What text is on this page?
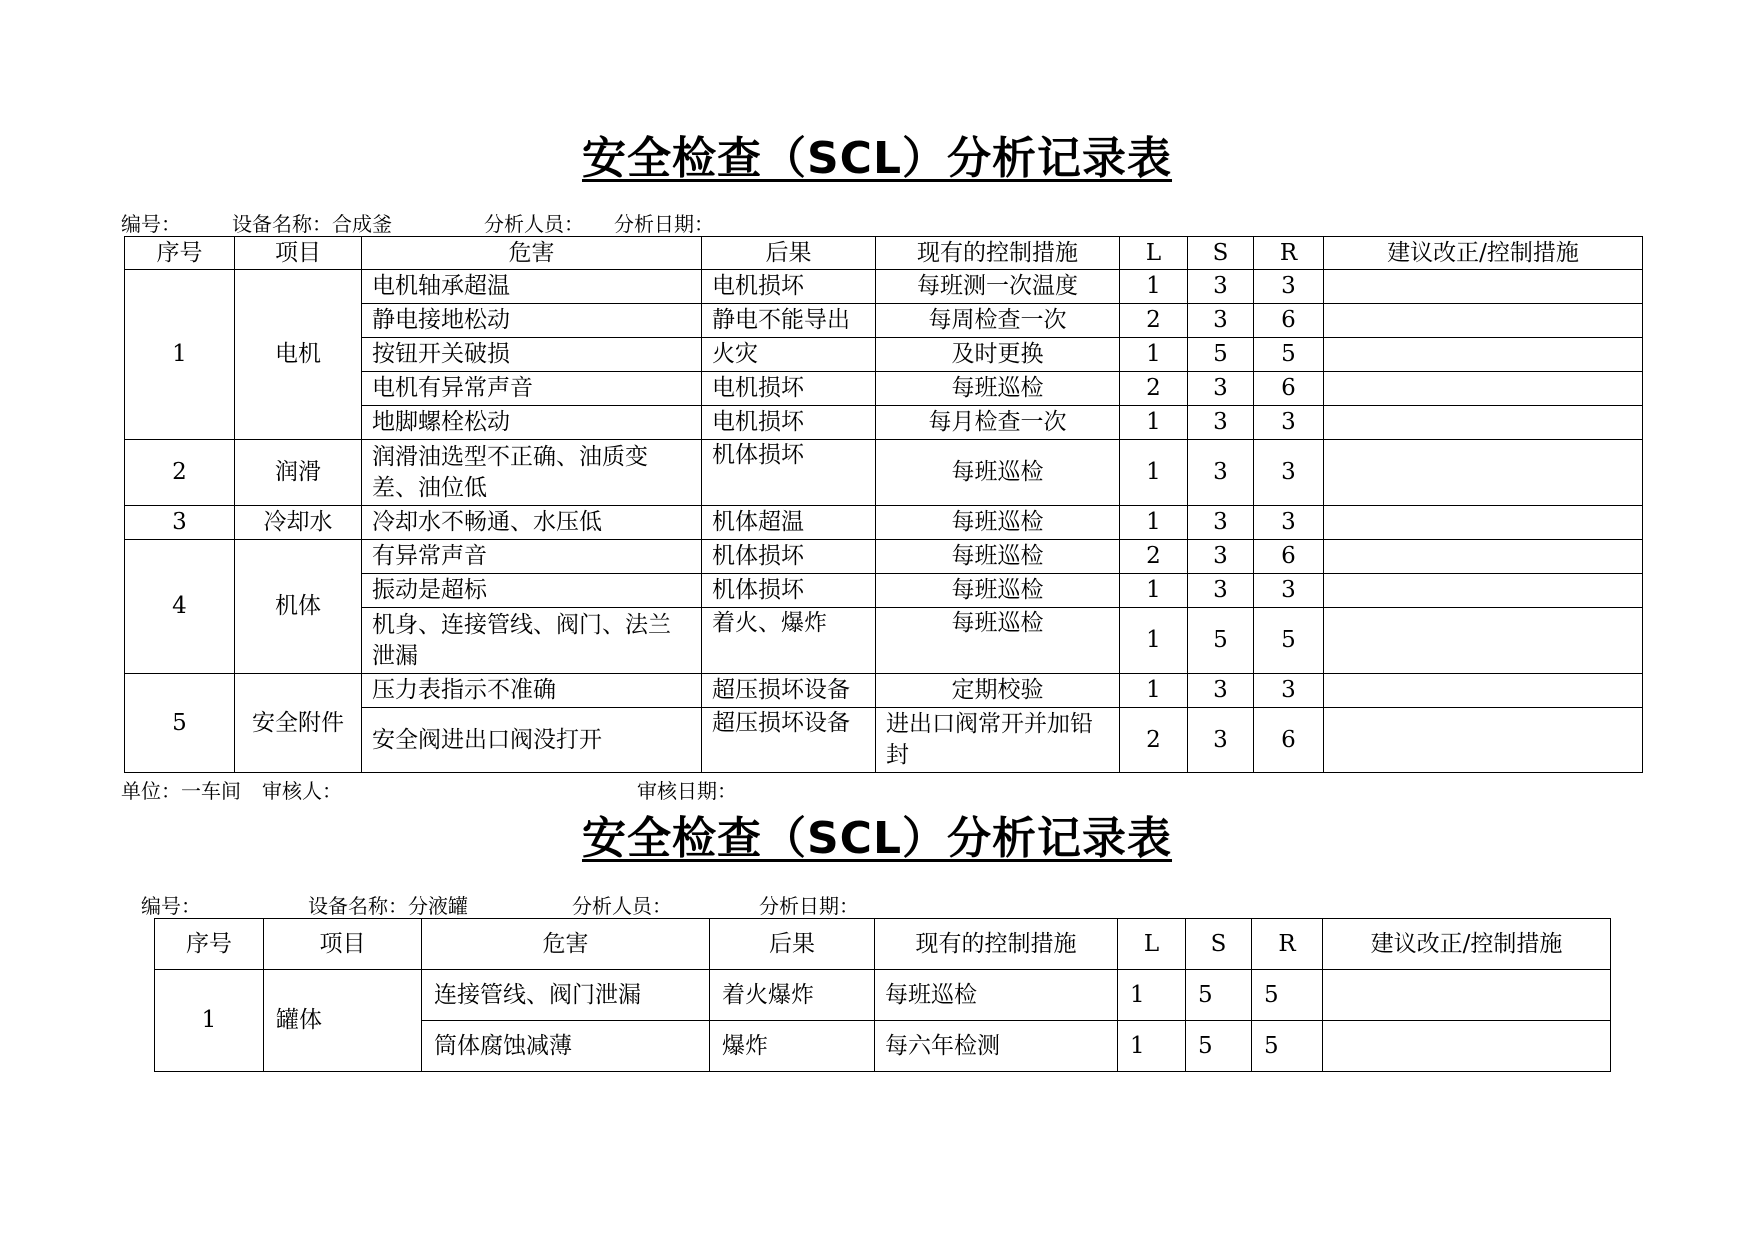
安全检查（SCL）分析记录表
编号：	设备名称：合成釜	分析人员： 分析日期：
序号	项目	危害	后果	现有的控制措施	L	S	R	建议改正/控制措施
1	电机	电机轴承超温	电机损坏	每班测一次温度	1	3	3	
		静电接地松动	静电不能导出	每周检查一次	2	3	6	
		按钮开关破损	火灾	及时更换	1	5	5	
		电机有异常声音	电机损坏	每班巡检	2	3	6	
		地脚螺栓松动	电机损坏	每月检查一次	1	3	3	
2	润滑	润滑油选型不正确、油质变差、油位低	机体损坏	每班巡检	1	3	3	
3	冷却水	冷却水不畅通、水压低	机体超温	每班巡检	1	3	3	
4	机体	有异常声音	机体损坏	每班巡检	2	3	6	
		振动是超标	机体损坏	每班巡检	1	3	3	
		机身、连接管线、阀门、法兰泄漏	着火、爆炸	每班巡检	1	5	5	
5	安全附件	压力表指示不准确	超压损坏设备	定期校验	1	3	3	
		安全阀进出口阀没打开	超压损坏设备	进出口阀常开并加铅封	2	3	6	
单位：一车间 审核人：	审核日期：
安全检查（SCL）分析记录表
编号：	设备名称：分液罐	分析人员：	分析日期：
序号	项目	危害	后果	现有的控制措施	L	S	R	建议改正/控制措施
1	罐体	连接管线、阀门泄漏	着火爆炸	每班巡检	1	5	5	
		筒体腐蚀减薄	爆炸	每六年检测	1	5	5	
